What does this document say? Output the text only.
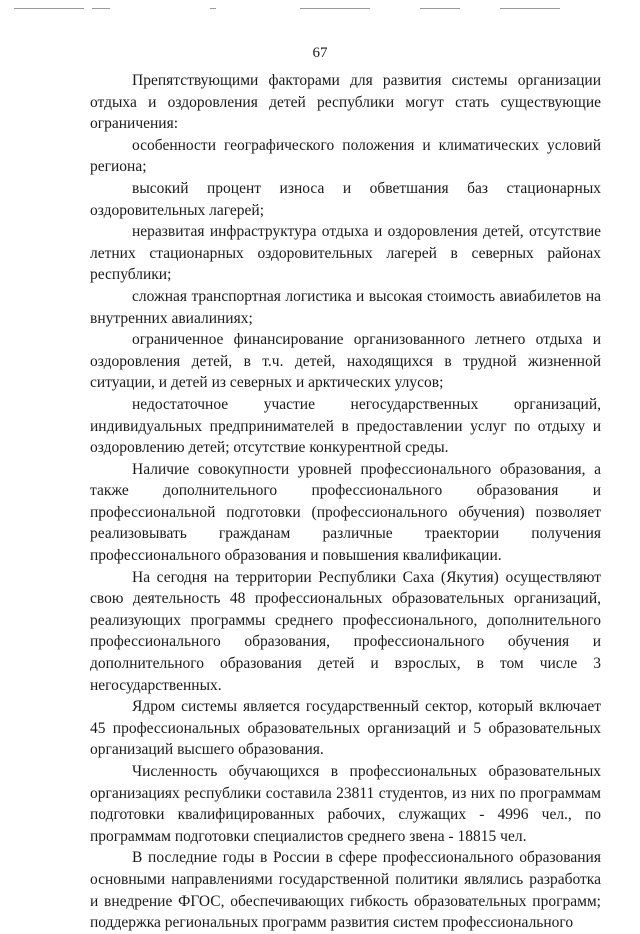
67

Препятствующими факторами для развития системы организации отдыха и оздоровления детей республики могут стать существующие ограничения:

особенности географического положения и климатических условий региона;

высокий процент износа и обветшания баз стационарных оздоровительных лагерей;

неразвитая инфраструктура отдыха и оздоровления детей, отсутствие летних стационарных оздоровительных лагерей в северных районах республики;

сложная транспортная логистика и высокая стоимость авиабилетов на внутренних авиалиниях;

ограниченное финансирование организованного летнего отдыха и оздоровления детей, в т.ч. детей, находящихся в трудной жизненной ситуации, и детей из северных и арктических улусов;

недостаточное участие негосударственных организаций, индивидуальных предпринимателей в предоставлении услуг по отдыху и оздоровлению детей; отсутствие конкурентной среды.

Наличие совокупности уровней профессионального образования, а также дополнительного профессионального образования и профессиональной подготовки (профессионального обучения) позволяет реализовывать гражданам различные траектории получения профессионального образования и повышения квалификации.

На сегодня на территории Республики Саха (Якутия) осуществляют свою деятельность 48 профессиональных образовательных организаций, реализующих программы среднего профессионального, дополнительного профессионального образования, профессионального обучения и дополнительного образования детей и взрослых, в том числе 3 негосударственных.

Ядром системы является государственный сектор, который включает 45 профессиональных образовательных организаций и 5 образовательных организаций высшего образования.

Численность обучающихся в профессиональных образовательных организациях республики составила 23811 студентов, из них по программам подготовки квалифицированных рабочих, служащих - 4996 чел., по программам подготовки специалистов среднего звена - 18815 чел.

В последние годы в России в сфере профессионального образования основными направлениями государственной политики являлись разработка и внедрение ФГОС, обеспечивающих гибкость образовательных программ; поддержка региональных программ развития систем профессионального
